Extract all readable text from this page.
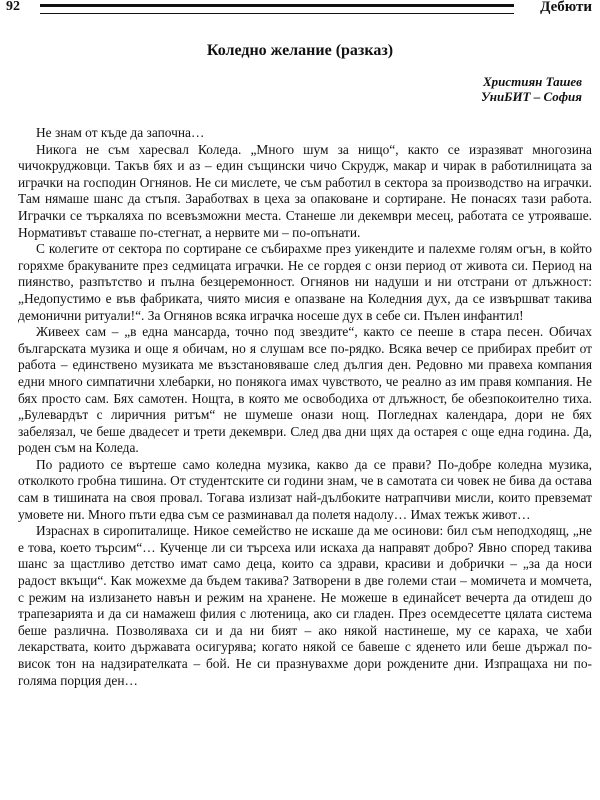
92	Дебюти
Коледно желание (разказ)
Християн Ташев
УниБИТ – София

Не знам от къде да започна…

Никога не съм харесвал Коледа. „Много шум за нищо“, както се изразяват многозина чичокруджовци. Такъв бях и аз – един същински чичо Скрудж, макар и чирак в работилницата за играчки на господин Огнянов. Не си мислете, че съм работил в сектора за производство на играчки. Там нямаше шанс да стъпя. Заработвах в цеха за опаковане и сортиране. Не понасях тази работа. Играчки се търкаляха по всевъзможни места. Станеше ли декември месец, работата се утрояваше. Нормативът ставаше по-стегнат, а нервите ми – по-опънати.

С колегите от сектора по сортиране се събирахме през уикендите и палехме голям огън, в който горяхме бракуваните през седмицата играчки. Не се гордея с онзи период от живота си. Период на пиянство, разпътство и пълна безцеремонност. Огнянов ни надуши и ни отстрани от длъжност: „Недопустимо е във фабриката, чиято мисия е опазване на Коледния дух, да се извършват такива демонични ритуали!“. За Огнянов всяка играчка носеше дух в себе си. Пълен инфантил!

Живеех сам – „в една мансарда, точно под звездите“, както се пееше в стара песен. Обичах българската музика и още я обичам, но я слушам все по-рядко. Всяка вечер се прибирах пребит от работа – единствено музиката ме възстановяваше след дългия ден. Редовно ми правеха компания едни много симпатични хлебарки, но понякога имах чувството, че реално аз им правя компания. Не бях просто сам. Бях самотен. Нощта, в която ме освободиха от длъжност, бе обезпокоително тиха. „Булевардът с лиричния ритъм“ не шумеше онази нощ. Погледнах календара, дори не бях забелязал, че беше двадесет и трети декември. След два дни щях да остарея с още една година. Да, роден съм на Коледа.

По радиото се въртеше само коледна музика, какво да се прави? По-добре коледна музика, отколкото гробна тишина. От студентските си години знам, че в самотата си човек не бива да остава сам в тишината на своя провал. Тогава излизат най-дълбоките натрапчиви мисли, които превземат умовете ни. Много пъти едва съм се разминавал да полетя надолу… Имах тежък живот…

Израснах в сиропиталище. Никое семейство не искаше да ме осинови: бил съм неподходящ, „не е това, което търсим“… Кученце ли си търсеха или искаха да направят добро? Явно според такива шанс за щастливо детство имат само деца, които са здрави, красиви и добрички – „за да носи радост вкъщи“. Как можехме да бъдем такива? Затворени в две големи стаи – момичета и момчета, с режим на излизането навън и режим на хранене. Не можеше в единайсет вечерта да отидеш до трапезарията и да си намажеш филия с лютеница, ако си гладен. През осемдесетте цялата система беше различна. Позволяваха си и да ни бият – ако някой настинеше, му се караха, че хаби лекарствата, които държавата осигурява; когато някой се бавеше с яденето или беше държал по-висок тон на надзирателката – бой. Не си празнувахме дори рождените дни. Изпращаха ни по-голяма порция ден…
